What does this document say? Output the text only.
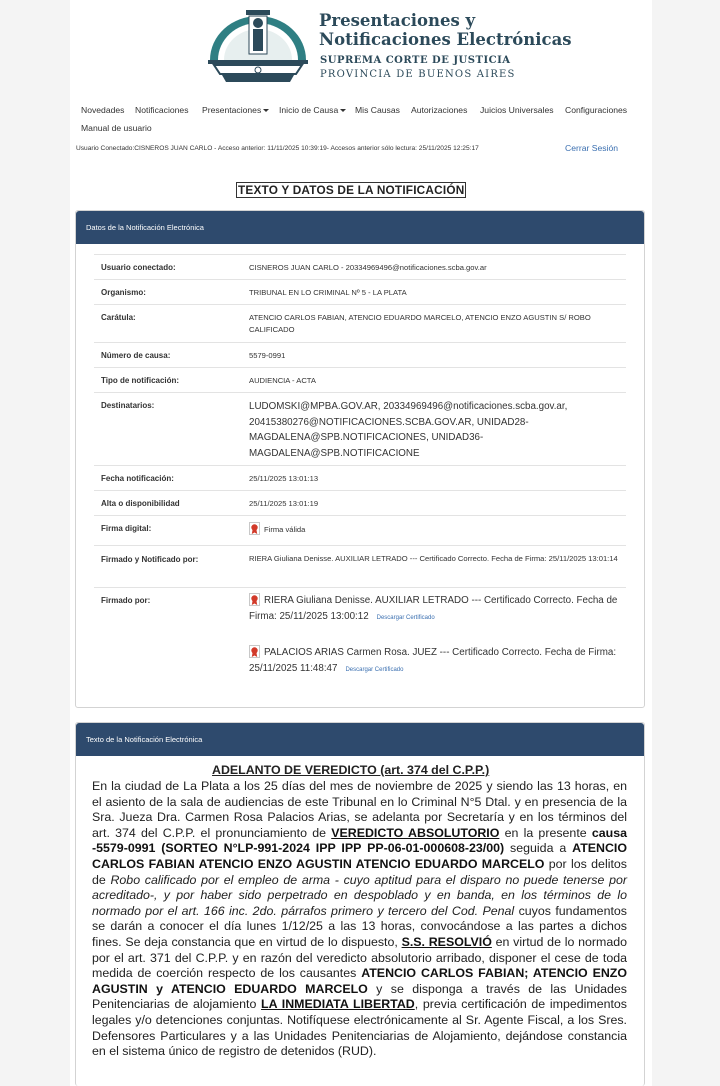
Presentaciones y
Notificaciones Electrónicas
SUPREMA CORTE DE JUSTICIA
PROVINCIA DE BUENOS AIRES
Novedades Notificaciones Presentaciones	Inicio de Causa	Mis Causas Autorizaciones Juicios Universales Configuraciones
Manual de usuario
Usuario Conectado:CISNEROS JUAN CARLO - Acceso anterior: 11/11/2025 10:39:19- Accesos anterior sólo lectura: 25/11/2025 12:25:17	Cerrar Sesión
TEXTO Y DATOS DE LA NOTIFICACIÓN
Datos de la Notificación Electrónica
Usuario conectado:	CISNEROS JUAN CARLO - 20334969496@notificaciones.scba.gov.ar
Organismo:	TRIBUNAL EN LO CRIMINAL Nº 5 - LA PLATA
Carátula:	ATENCIO CARLOS FABIAN, ATENCIO EDUARDO MARCELO, ATENCIO ENZO AGUSTIN S/ ROBO CALIFICADO
Número de causa:	5579-0991
Tipo de notificación:	AUDIENCIA - ACTA
Destinatarios:	LUDOMSKI@MPBA.GOV.AR, 20334969496@notificaciones.scba.gov.ar, 20415380276@NOTIFICACIONES.SCBA.GOV.AR, UNIDAD28-MAGDALENA@SPB.NOTIFICACIONES, UNIDAD36-MAGDALENA@SPB.NOTIFICACIONE
Fecha notificación:	25/11/2025 13:01:13
Alta o disponibilidad	25/11/2025 13:01:19
Firma digital:	Firma válida
Firmado y Notificado por:	RIERA Giuliana Denisse. AUXILIAR LETRADO --- Certificado Correcto. Fecha de Firma: 25/11/2025 13:01:14
Firmado por:	RIERA Giuliana Denisse. AUXILIAR LETRADO --- Certificado Correcto. Fecha de Firma: 25/11/2025 13:00:12 Descargar Certificado
PALACIOS ARIAS Carmen Rosa. JUEZ --- Certificado Correcto. Fecha de Firma: 25/11/2025 11:48:47 Descargar Certificado
Texto de la Notificación Electrónica
ADELANTO DE VEREDICTO (art. 374 del C.P.P.)
En la ciudad de La Plata a los 25 días del mes de noviembre de 2025 y siendo las 13 horas, en el asiento de la sala de audiencias de este Tribunal en lo Criminal N°5 Dtal. y en presencia de la Sra. Jueza Dra. Carmen Rosa Palacios Arias, se adelanta por Secretaría y en los términos del art. 374 del C.P.P. el pronunciamiento de VEREDICTO ABSOLUTORIO en la presente causa -5579-0991 (SORTEO N°LP-991-2024 IPP IPP PP-06-01-000608-23/00) seguida a ATENCIO CARLOS FABIAN ATENCIO ENZO AGUSTIN ATENCIO EDUARDO MARCELO por los delitos de Robo calificado por el empleo de arma - cuyo aptitud para el disparo no puede tenerse por acreditado-, y por haber sido perpetrado en despoblado y en banda, en los términos de lo normado por el art. 166 inc. 2do. párrafos primero y tercero del Cod. Penal cuyos fundamentos se darán a conocer el día lunes 1/12/25 a las 13 horas, convocándose a las partes a dichos fines. Se deja constancia que en virtud de lo dispuesto, S.S. RESOLVIÓ en virtud de lo normado por el art. 371 del C.P.P. y en razón del veredicto absolutorio arribado, disponer el cese de toda medida de coerción respecto de los causantes ATENCIO CARLOS FABIAN; ATENCIO ENZO AGUSTIN y ATENCIO EDUARDO MARCELO y se disponga a través de las Unidades Penitenciarias de alojamiento LA INMEDIATA LIBERTAD, previa certificación de impedimentos legales y/o detenciones conjuntas. Notifíquese electrónicamente al Sr. Agente Fiscal, a los Sres. Defensores Particulares y a las Unidades Penitenciarias de Alojamiento, dejándose constancia en el sistema único de registro de detenidos (RUD).
